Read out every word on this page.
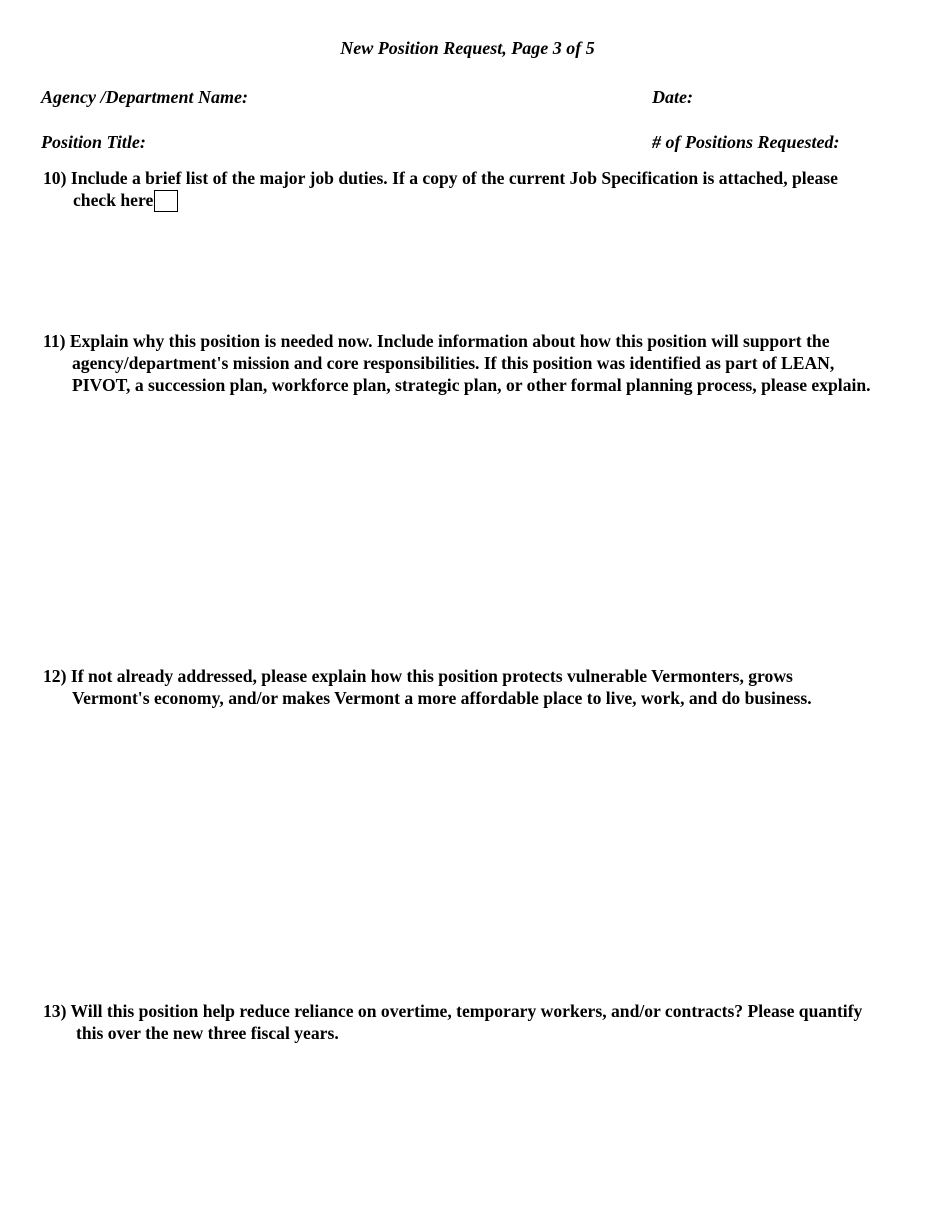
New Position Request, Page 3 of 5
Agency /Department Name:	Date:
Position Title:	# of Positions Requested:
10) Include a brief list of the major job duties. If a copy of the current Job Specification is attached, please
check here
11) Explain why this position is needed now. Include information about how this position will support the
agency/department's mission and core responsibilities. If this position was identified as part of LEAN,
PIVOT, a succession plan, workforce plan, strategic plan, or other formal planning process, please explain.
12) If not already addressed, please explain how this position protects vulnerable Vermonters, grows
Vermont's economy, and/or makes Vermont a more affordable place to live, work, and do business.
13) Will this position help reduce reliance on overtime, temporary workers, and/or contracts? Please quantify
this over the new three fiscal years.
